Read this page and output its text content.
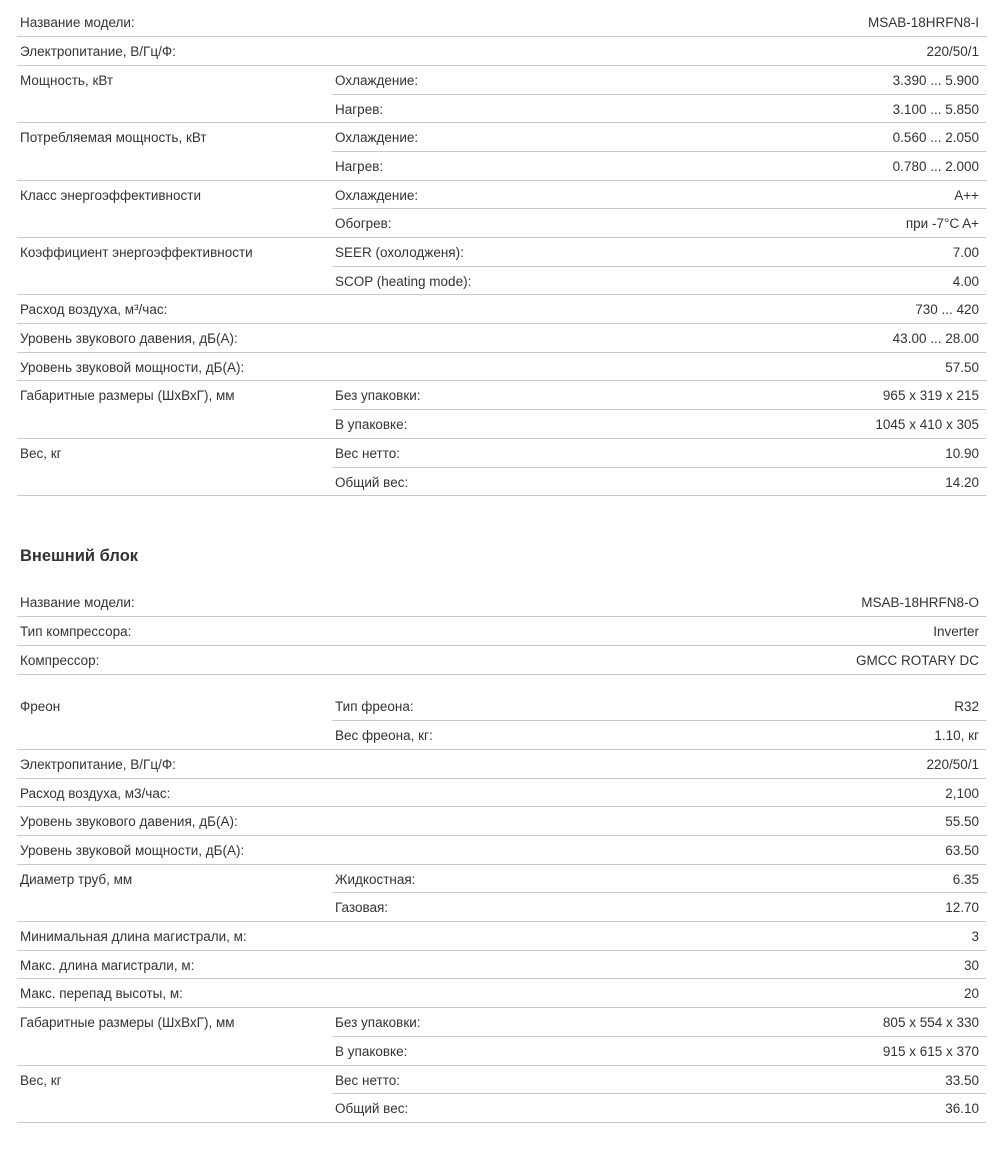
Название модели:		MSAB-18HRFN8-I
Электропитание, В/Гц/Ф:		220/50/1
Мощность, кВт	Охлаждение:	3.390 ... 5.900
	Нагрев:	3.100 ... 5.850
Потребляемая мощность, кВт	Охлаждение:	0.560 ... 2.050
	Нагрев:	0.780 ... 2.000
Класс энергоэффективности	Охлаждение:	A++
	Обогрев:	при -7°C A+
Коэффициент энергоэффективности	SEER (охолодженя):	7.00
	SCOP (heating mode):	4.00
Расход воздуха, м³/час:		730 ... 420
Уровень звукового давения, дБ(А):		43.00 ... 28.00
Уровень звуковой мощности, дБ(А):		57.50
Габаритные размеры (ШхВхГ), мм	Без упаковки:	965 x 319 x 215
	В упаковке:	1045 x 410 x 305
Вес, кг	Вес нетто:	10.90
	Общий вес:	14.20
Внешний блок
Название модели:		MSAB-18HRFN8-O
Тип компрессора:		Inverter
Компрессор:		GMCC ROTARY DC

Фреон	Тип фреона:	R32
	Вес фреона, кг:	1.10, кг
Электропитание, В/Гц/Ф:		220/50/1
Расход воздуха, м3/час:		2,100
Уровень звукового давения, дБ(А):		55.50
Уровень звуковой мощности, дБ(А):		63.50
Диаметр труб, мм	Жидкостная:	6.35
	Газовая:	12.70
Минимальная длина магистрали, м:		3
Макс. длина магистрали, м:		30
Макс. перепад высоты, м:		20
Габаритные размеры (ШхВхГ), мм	Без упаковки:	805 x 554 x 330
	В упаковке:	915 x 615 x 370
Вес, кг	Вес нетто:	33.50
	Общий вес:	36.10
